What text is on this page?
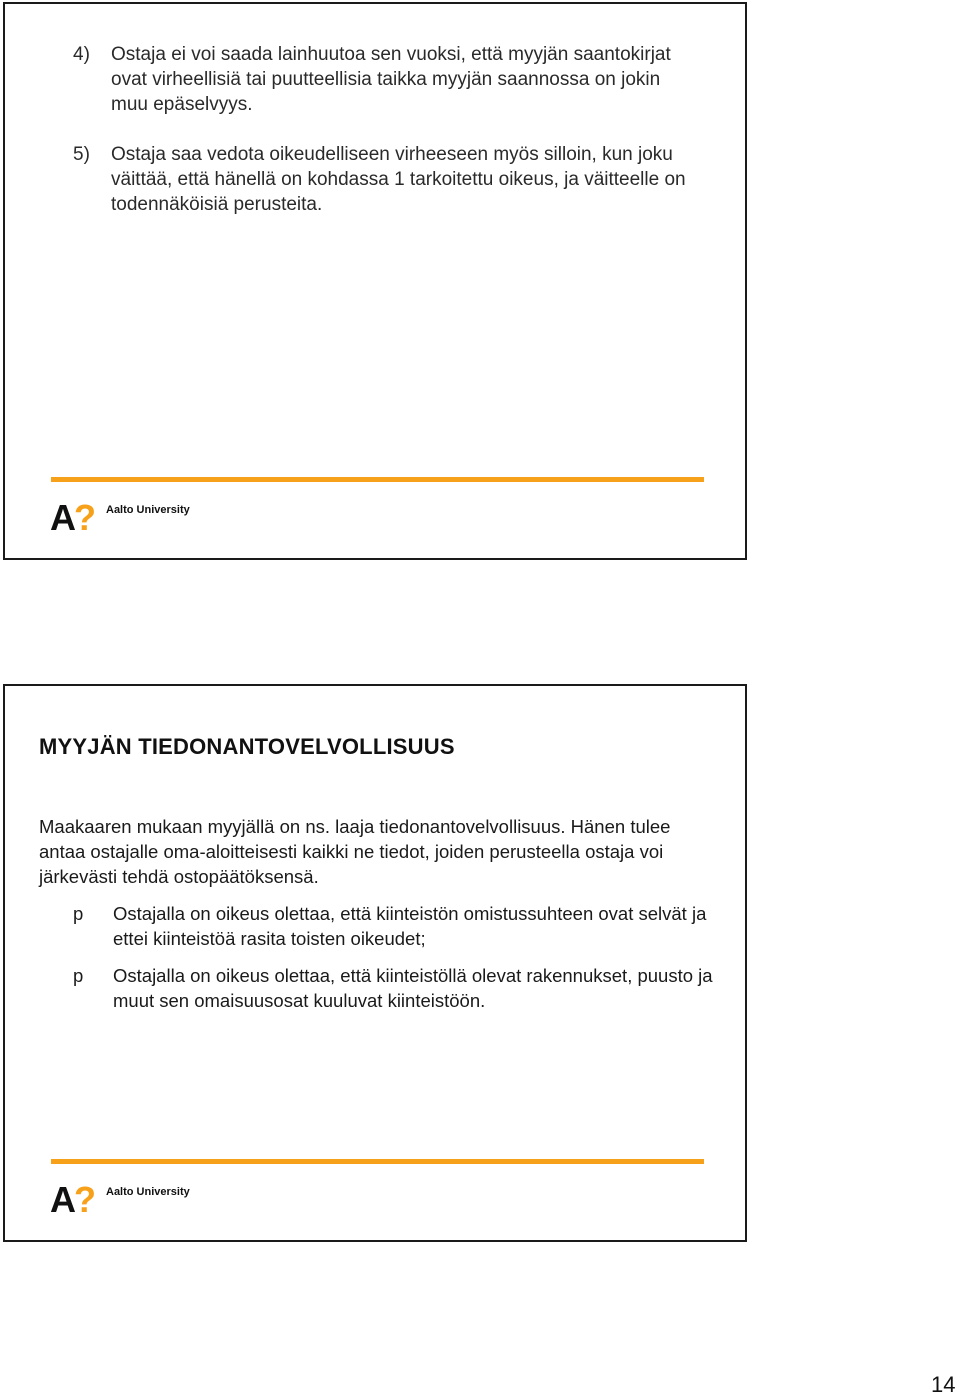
4)	Ostaja ei voi saada lainhuutoa sen vuoksi, että myyjän saantokirjat ovat virheellisiä tai puutteellisia taikka myyjän saannossa on jokin muu epäselvyys.
5)	Ostaja saa vedota oikeudelliseen virheeseen myös silloin, kun joku väittää, että hänellä on kohdassa 1 tarkoitettu oikeus, ja väitteelle on todennäköisiä perusteita.
A? Aalto University
MYYJÄN TIEDONANTOVELVOLLISUUS

Maakaaren mukaan myyjällä on ns. laaja tiedonantovelvollisuus. Hänen tulee antaa ostajalle oma-aloitteisesti kaikki ne tiedot, joiden perusteella ostaja voi järkevästi tehdä ostopäätöksensä.

p	Ostajalla on oikeus olettaa, että kiinteistön omistussuhteen ovat selvät ja ettei kiinteistöä rasita toisten oikeudet;
p	Ostajalla on oikeus olettaa, että kiinteistöllä olevat rakennukset, puusto ja muut sen omaisuusosat kuuluvat kiinteistöön.
A? Aalto University
14
